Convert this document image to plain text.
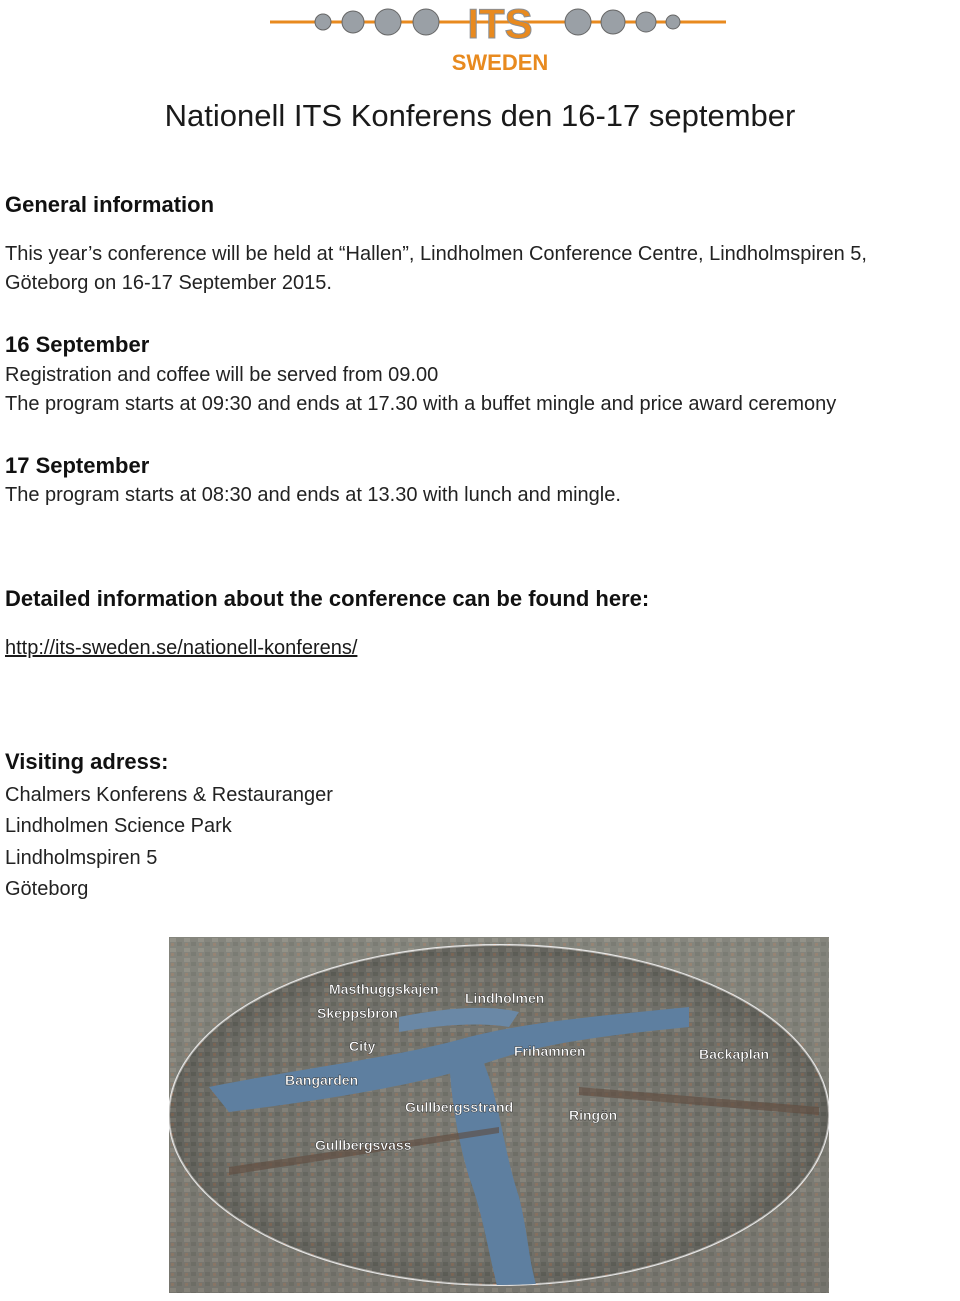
ITS
SWEDEN
Nationell ITS Konferens den 16-17 september
General information

This year’s conference will be held at “Hallen”, Lindholmen Conference Centre, Lindholmspiren 5,

Göteborg on 16-17 September 2015.

16 September

Registration and coffee will be served from 09.00

The program starts at 09:30 and ends at 17.30 with a buffet mingle and price award ceremony

17 September

The program starts at 08:30 and ends at 13.30 with lunch and mingle.

Detailed information about the conference can be found here:
http://its-sweden.se/nationell-konferens/
Visiting adress:

Chalmers Konferens & Restauranger

Lindholmen Science Park

Lindholmspiren 5

Göteborg

Masthuggskajen
Lindholmen
Skeppsbron
City	Frihamnen	Backaplan
Bangarden
Gullbergsstrand	Ringön
Gullbergsvass
